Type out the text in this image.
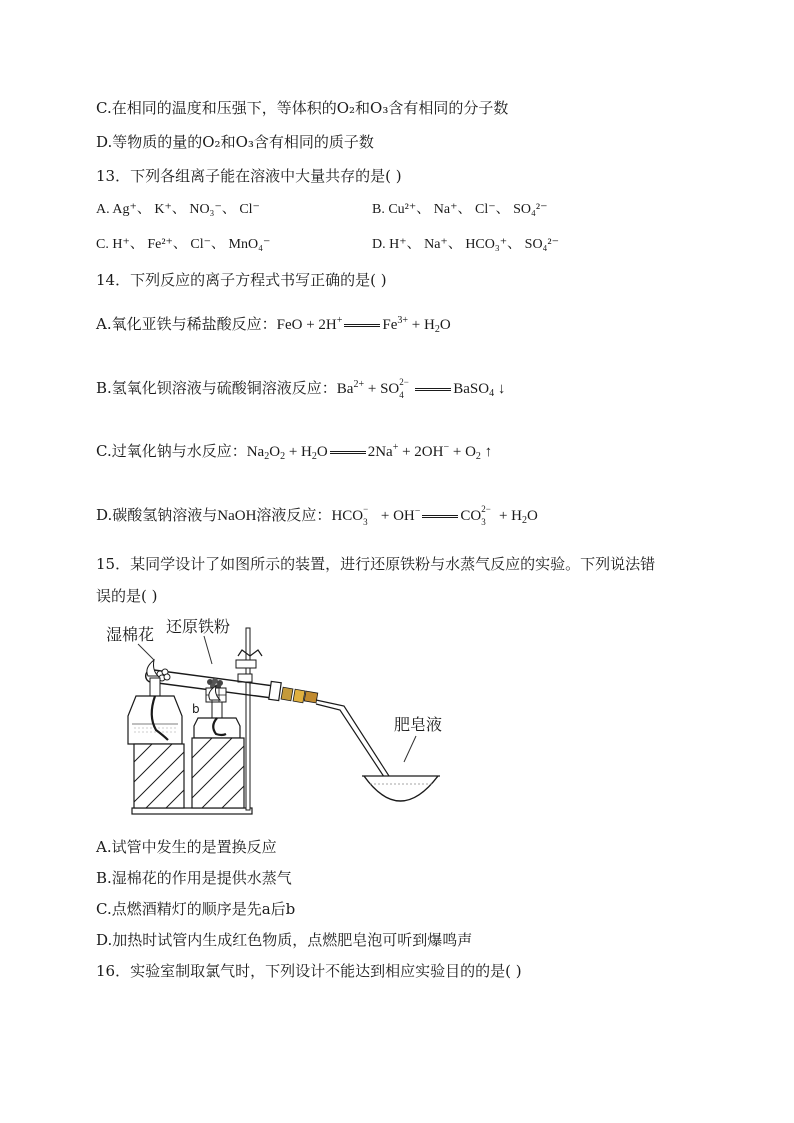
C.在相同的温度和压强下，等体积的O₂和O₃含有相同的分子数
D.等物质的量的O₂和O₃含有相同的质子数
13．下列各组离子能在溶液中大量共存的是( )
A. Ag⁺、 K⁺、 NO₃⁻、 Cl⁻	B. Cu²⁺、 Na⁺、 Cl⁻、 SO₄²⁻
C. H⁺、 Fe²⁺、 Cl⁻、 MnO₄⁻	D. H⁺、 Na⁺、 HCO₃⁺、 SO₄²⁻
14．下列反应的离子方程式书写正确的是( )
A.氧化亚铁与稀盐酸反应：FeO + 2H+	$Fe^{3+} + H_2O$
B.氢氧化钡溶液与硫酸铜溶液反应：$Ba^{2+}$ + SO 2−
4	BaSO$_4$ ↓
C.过氧化钠与水反应：$Na_2O_2 + H_2O$	$2Na^+ + 2OH^- + O_2$ ↑
D.碳酸氢钠溶液与NaOH溶液反应：HCO −
3 + OH−	CO 2−
$3 + H_2O$
15．某同学设计了如图所示的装置，进行还原铁粉与水蒸气反应的实验。下列说法错
误的是( )
湿棉花 还原铁粉
肥皂液
b
A.试管中发生的是置换反应
B.湿棉花的作用是提供水蒸气
C.点燃酒精灯的顺序是先a后b
D.加热时试管内生成红色物质，点燃肥皂泡可听到爆鸣声
16．实验室制取氯气时，下列设计不能达到相应实验目的的是( )
